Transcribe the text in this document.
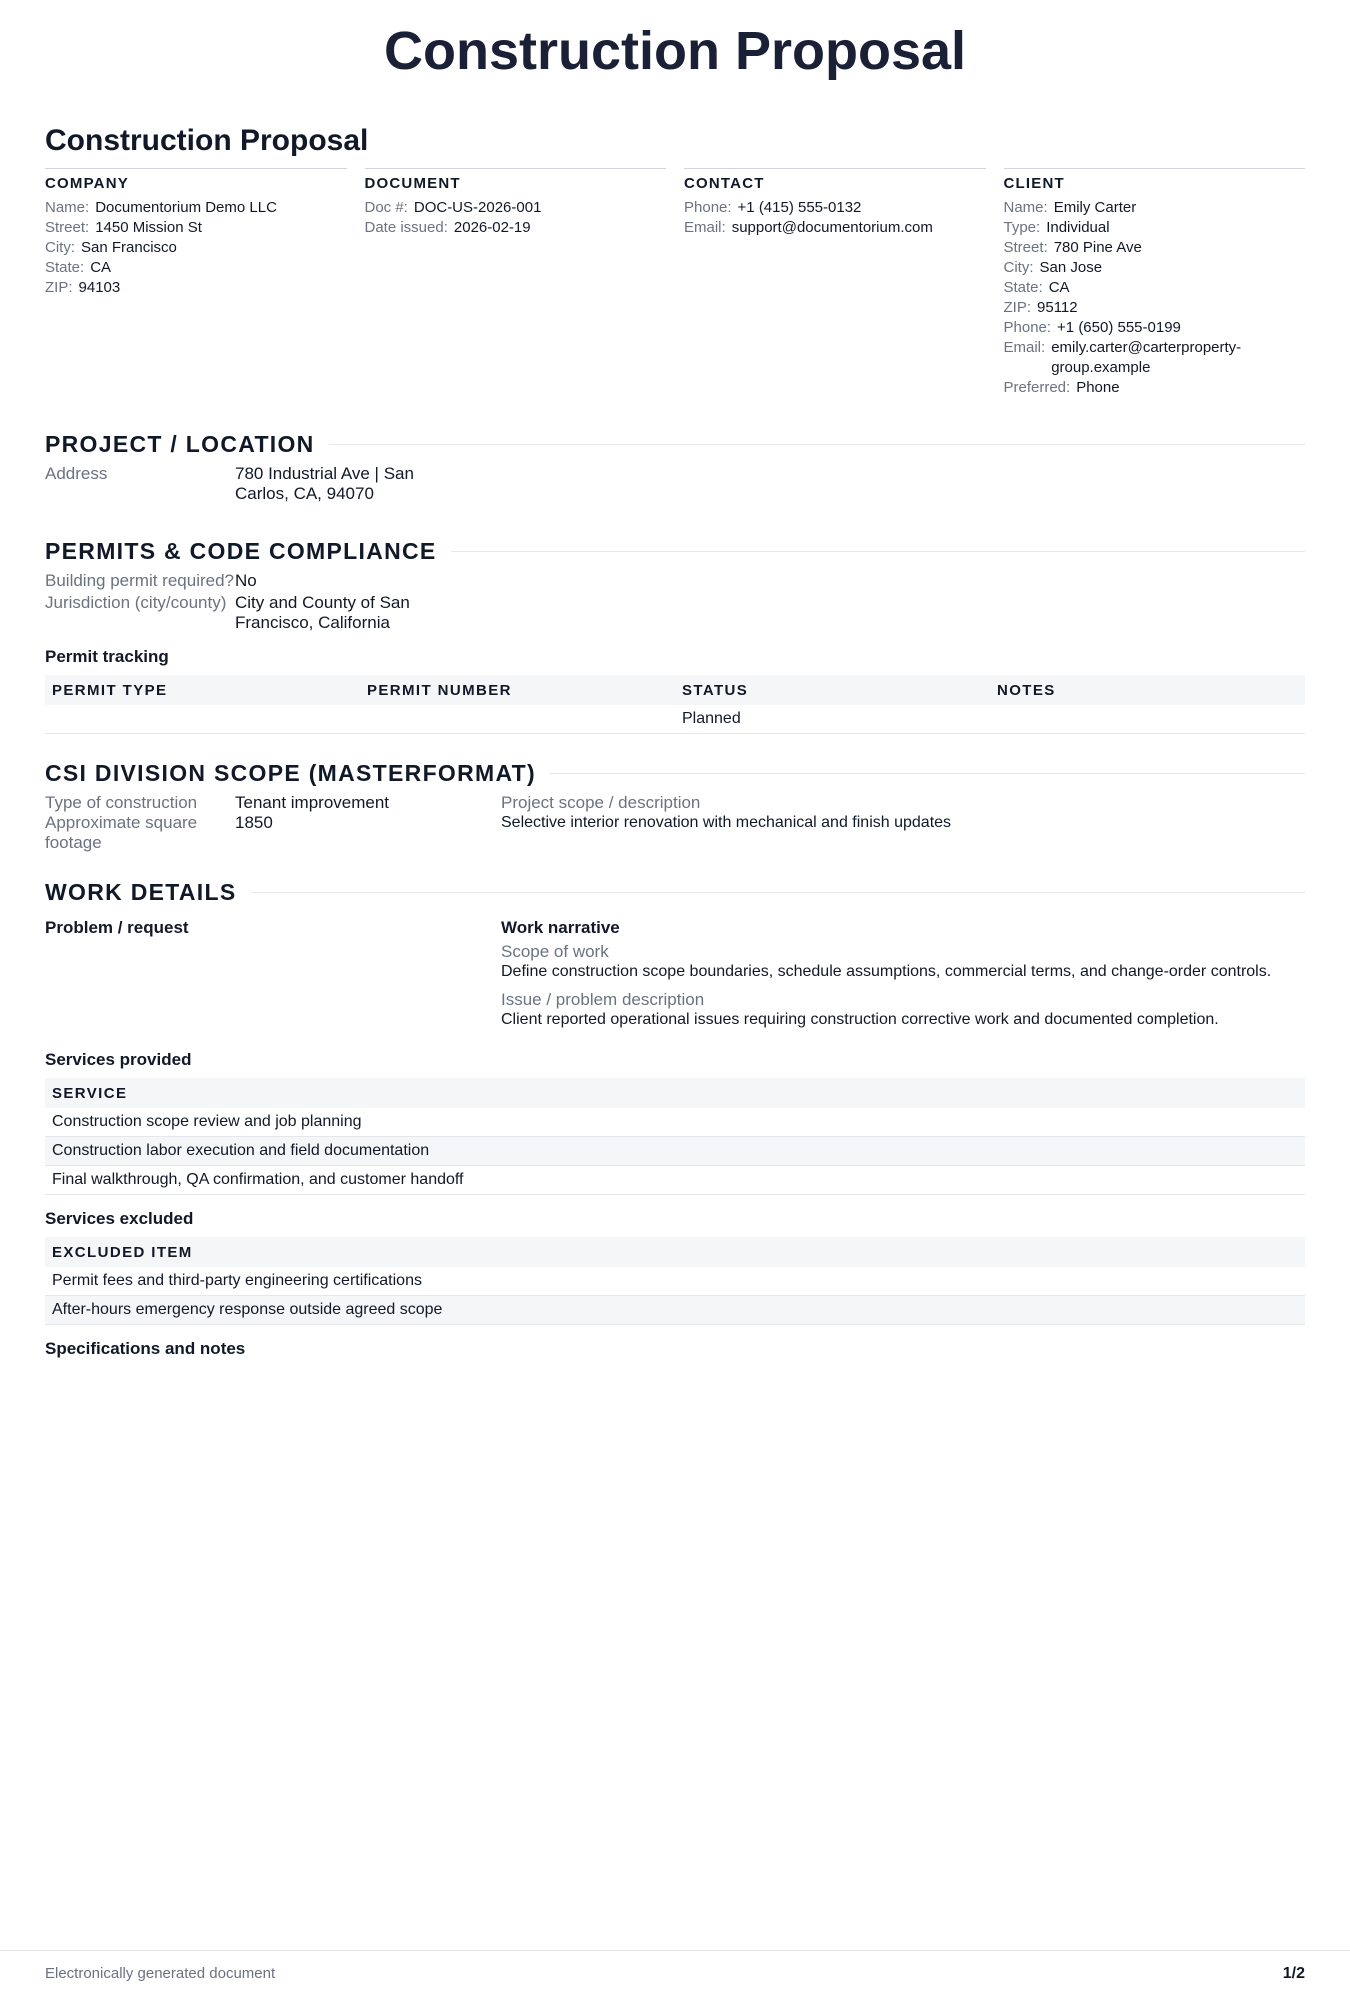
Construction Proposal
Construction Proposal
COMPANY
Name: Documentorium Demo LLC
Street: 1450 Mission St
City: San Francisco
State: CA
ZIP: 94103
DOCUMENT
Doc #: DOC-US-2026-001
Date issued: 2026-02-19
CONTACT
Phone: +1 (415) 555-0132
Email: support@documentorium.com
CLIENT
Name: Emily Carter
Type: Individual
Street: 780 Pine Ave
City: San Jose
State: CA
ZIP: 95112
Phone: +1 (650) 555-0199
Email: emily.carter@carterproperty-group.example
Preferred: Phone
PROJECT / LOCATION
Address	780 Industrial Ave | San Carlos, CA, 94070
PERMITS & CODE COMPLIANCE
Building permit required? No
Jurisdiction (city/county) City and County of San Francisco, California
Permit tracking
PERMIT TYPE	PERMIT NUMBER	STATUS	NOTES
		Planned	
CSI DIVISION SCOPE (MASTERFORMAT)
Type of construction	Tenant improvement
Approximate square footage
1850
Project scope / description
Selective interior renovation with mechanical and finish updates
WORK DETAILS
Problem / request	Work narrative
Scope of work
Define construction scope boundaries, schedule assumptions, commercial terms, and change-order controls.
Issue / problem description
Client reported operational issues requiring construction corrective work and documented completion.
Services provided
SERVICE
Construction scope review and job planning
Construction labor execution and field documentation
Final walkthrough, QA confirmation, and customer handoff
Services excluded
EXCLUDED ITEM
Permit fees and third-party engineering certifications
After-hours emergency response outside agreed scope
Specifications and notes
Electronically generated document	1/2
